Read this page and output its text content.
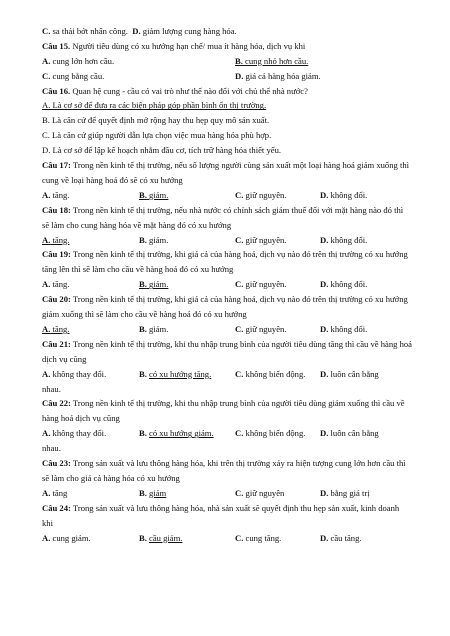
C. sa thải bớt nhân công. D. giảm lượng cung hàng hóa.
Câu 15. Người tiêu dùng có xu hướng hạn chế/ mua ít hàng hóa, dịch vụ khi
A. cung lớn hơn cầu.	B. cung nhỏ hơn cầu.
C. cung bằng cầu.	D. giá cả hàng hóa giảm.
Câu 16. Quan hệ cung - cầu có vai trò như thế nào đối với chủ thể nhà nước?
A. Là cơ sở để đưa ra các biện pháp góp phần bình ổn thị trường.
B. Là căn cứ để quyết định mở rộng hay thu hẹp quy mô sản xuất.
C. Là căn cứ giúp người dẫn lựa chọn việc mua hàng hóa phù hợp.
D. Là cơ sở để lập kế hoạch nhằm đầu cơ, tích trữ hàng hóa thiết yếu.
Câu 17: Trong nền kinh tế thị trường, nếu số lượng người cùng sản xuất một loại hàng hoá giảm xuống thì cung về loại hàng hoá đó sẽ có xu hướng
A. tăng.	B. giảm.	C. giữ nguyên.	D. không đổi.
Câu 18: Trong nền kinh tế thị trường, nếu nhà nước có chính sách giảm thuế đối với mặt hàng nào đó thì sẽ làm cho cung hàng hóa về mặt hàng đó có xu hướng
A. tăng.	B. giảm.	C. giữ nguyên.	D. không đổi.
Câu 19: Trong nền kinh tế thị trường, khi giá cả của hàng hoá, dịch vụ nào đó trên thị trường có xu hướng tăng lên thì sẽ làm cho cầu về hàng hoá đó có xu hướng
A. tăng.	B. giảm.	C. giữ nguyên.	D. không đổi.
Câu 20: Trong nền kinh tế thị trường, khi giá cả của hàng hoá, dịch vụ nào đó trên thị trường có xu hướng giảm xuống thì sẽ làm cho cầu về hàng hoá đó có xu hướng
A. tăng.	B. giảm.	C. giữ nguyên.	D. không đổi.
Câu 21: Trong nền kinh tế thị trường, khi thu nhập trung bình của người tiêu dùng tăng thì cầu về hàng hoá dịch vụ cũng
A. không thay đổi.	B. có xu hướng tăng.	C. không biến động. D. luôn cân bằng
nhau.
Câu 22: Trong nền kinh tế thị trường, khi thu nhập trung bình của người tiêu dùng giảm xuống thì cầu về hàng hoá dịch vụ cũng
A. không thay đổi.	B. có xu hướng giảm. C. không biến động. D. luôn cân bằng
nhau.
Câu 23: Trong sản xuất và lưu thông hàng hóa, khi trên thị trường xảy ra hiện tượng cung lớn hơn cầu thì sẽ làm cho giá cả hàng hóa có xu hướng
A. tăng	B. giảm	C. giữ nguyên	D. bằng giá trị
Câu 24: Trong sản xuất và lưu thông hàng hóa, nhà sản xuất sẽ quyết định thu hẹp sản xuất, kinh doanh khi
A. cung giảm.	B. cầu giảm.	C. cung tăng.	D. cầu tăng.
